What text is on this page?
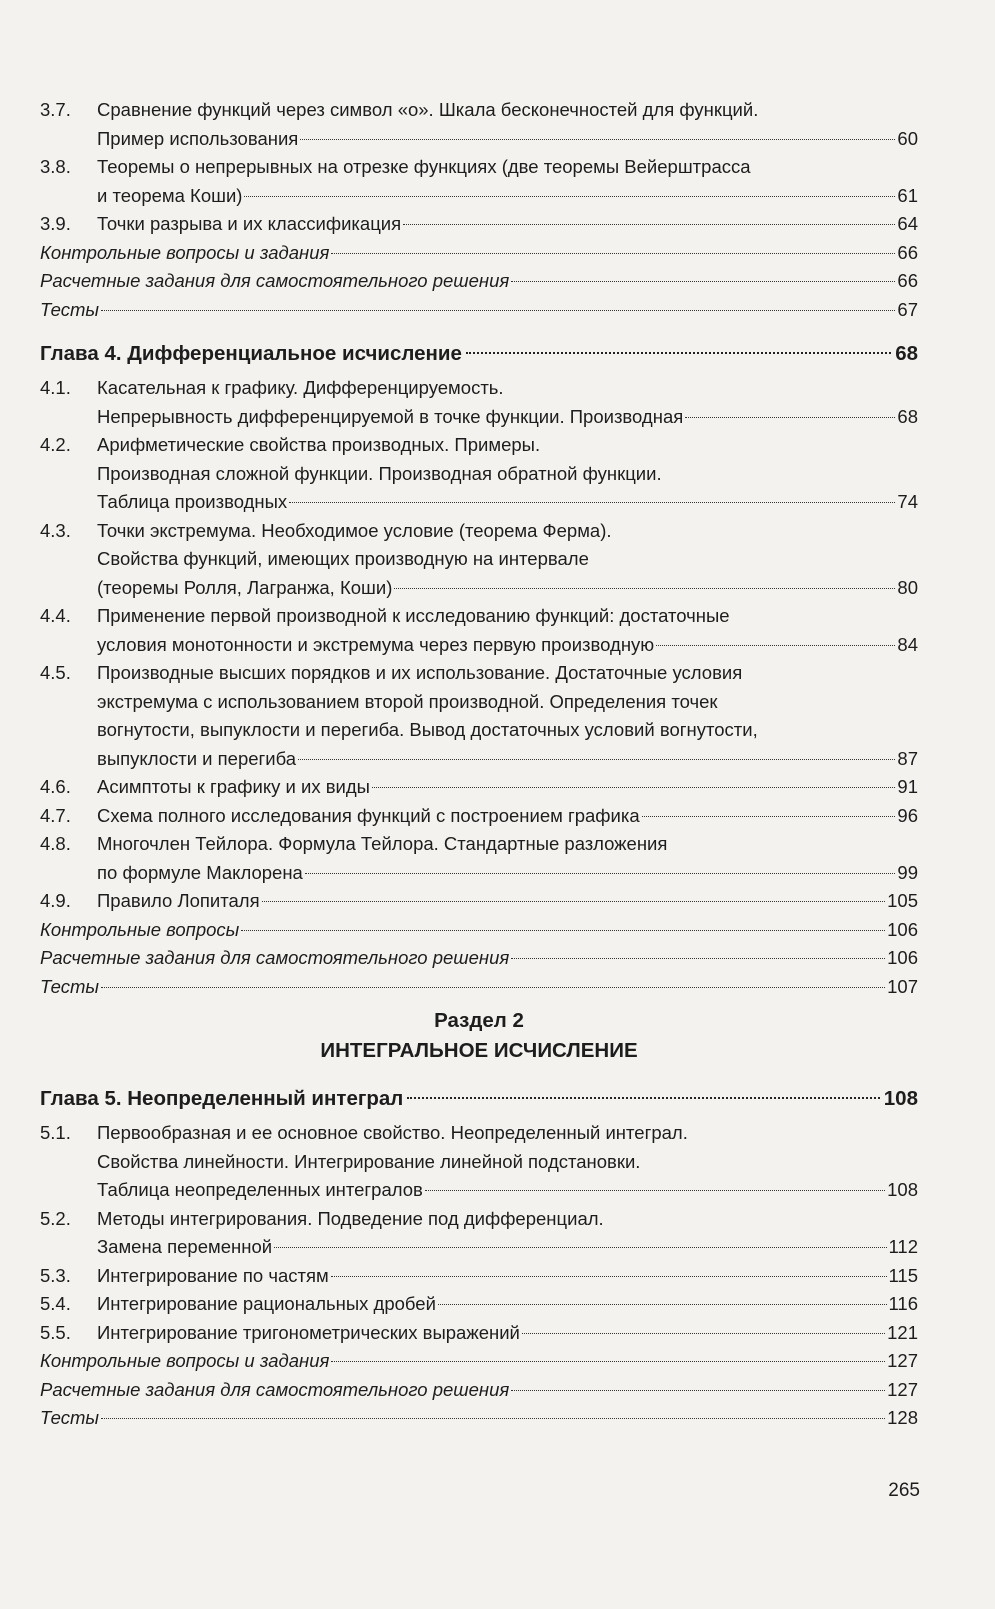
3.7. Сравнение функций через символ «о». Шкала бесконечностей для функций.
Пример использования	60
3.8. Теоремы о непрерывных на отрезке функциях (две теоремы Вейерштрасса
и теорема Коши)	61
3.9. Точки разрыва и их классификация	64
Контрольные вопросы и задания	66
Расчетные задания для самостоятельного решения	66
Тесты	67
Глава 4. Дифференциальное исчисление	68
4.1. Касательная к графику. Дифференцируемость.
Непрерывность дифференцируемой в точке функции. Производная	68
4.2. Арифметические свойства производных. Примеры.
Производная сложной функции. Производная обратной функции.
Таблица производных	74
4.3. Точки экстремума. Необходимое условие (теорема Ферма).
Свойства функций, имеющих производную на интервале
(теоремы Ролля, Лагранжа, Коши)	80
4.4. Применение первой производной к исследованию функций: достаточные
условия монотонности и экстремума через первую производную	84
4.5. Производные высших порядков и их использование. Достаточные условия
экстремума с использованием второй производной. Определения точек
вогнутости, выпуклости и перегиба. Вывод достаточных условий вогнутости,
выпуклости и перегиба	87
4.6. Асимптоты к графику и их виды	91
4.7. Схема полного исследования функций с построением графика	96
4.8. Многочлен Тейлора. Формула Тейлора. Стандартные разложения
по формуле Маклорена	99
4.9. Правило Лопиталя	105
Контрольные вопросы	106
Расчетные задания для самостоятельного решения	106
Тесты	107
Раздел 2
ИНТЕГРАЛЬНОЕ ИСЧИСЛЕНИЕ
Глава 5. Неопределенный интеграл	108
5.1. Первообразная и ее основное свойство. Неопределенный интеграл.
Свойства линейности. Интегрирование линейной подстановки.
Таблица неопределенных интегралов	108
5.2. Методы интегрирования. Подведение под дифференциал.
Замена переменной	112
5.3. Интегрирование по частям	115
5.4. Интегрирование рациональных дробей	116
5.5. Интегрирование тригонометрических выражений	121
Контрольные вопросы и задания	127
Расчетные задания для самостоятельного решения	127
Тесты	128
265
